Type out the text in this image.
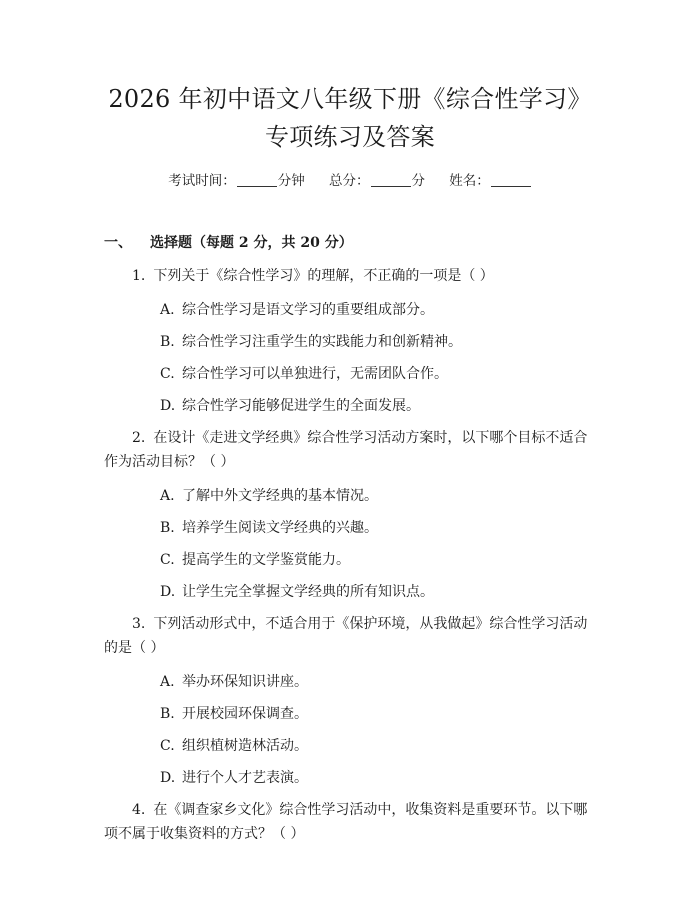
2026 年初中语文八年级下册《综合性学习》
专项练习及答案
考试时间：	分钟 总分：	分 姓名：
一、 选择题（每题 2 分，共 20 分）
1. 下列关于《综合性学习》的理解，不正确的一项是（ ）
A. 综合性学习是语文学习的重要组成部分。
B. 综合性学习注重学生的实践能力和创新精神。
C. 综合性学习可以单独进行，无需团队合作。
D. 综合性学习能够促进学生的全面发展。
2. 在设计《走进文学经典》综合性学习活动方案时，以下哪个目标不适合作为活动目标？（ ）
A. 了解中外文学经典的基本情况。
B. 培养学生阅读文学经典的兴趣。
C. 提高学生的文学鉴赏能力。
D. 让学生完全掌握文学经典的所有知识点。
3. 下列活动形式中，不适合用于《保护环境，从我做起》综合性学习活动的是（ ）
A. 举办环保知识讲座。
B. 开展校园环保调查。
C. 组织植树造林活动。
D. 进行个人才艺表演。
4. 在《调查家乡文化》综合性学习活动中，收集资料是重要环节。以下哪项不属于收集资料的方式？（ ）
